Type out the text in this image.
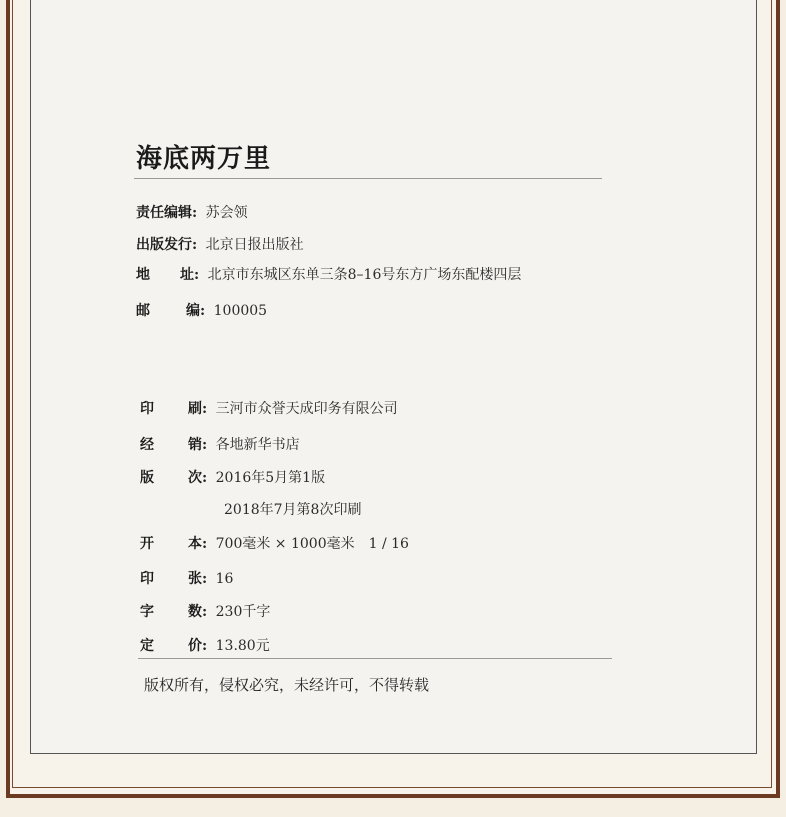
海底两万里
责任编辑: 苏会领
出版发行: 北京日报出版社
地 址: 北京市东城区东单三条8–16号东方广场东配楼四层
邮	编: 100005
印 刷: 三河市众誉天成印务有限公司
经 销: 各地新华书店
版 次: 2016年5月第1版
2018年7月第8次印刷
开 本: 700毫米 × 1000毫米　1 / 16
印 张: 16
字 数: 230千字
定 价: 13.80元
版权所有，侵权必究，未经许可，不得转载
